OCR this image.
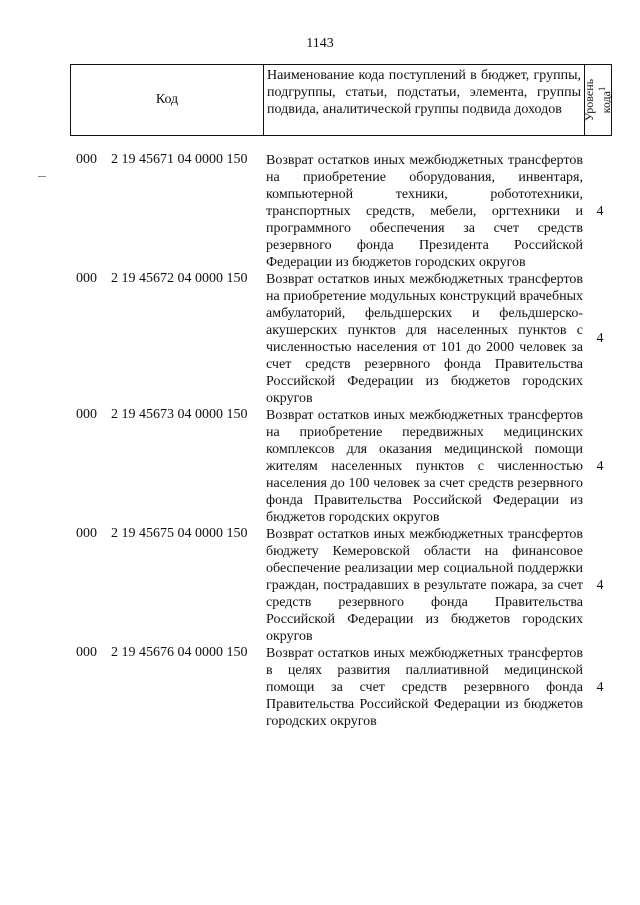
1143
Код
Наименование кода поступлений в бюджет, группы, подгруппы, статьи, подстатьи, элемента, группы подвида, аналитической группы подвида доходов	Уровень кода$^1$
000 2 19 45671 04 0000 150 Возврат остатков иных межбюджетных трансфертов на приобретение оборудования, инвентаря, компьютерной техники, робототехники, транспортных средств, мебели, оргтехники и программного обеспечения за счет средств резервного фонда Президента Российской Федерации из бюджетов городских округов
4
000 2 19 45672 04 0000 150 Возврат остатков иных межбюджетных трансфертов на приобретение модульных конструкций врачебных амбулаторий, фельдшерских и фельдшерско-акушерских пунктов для населенных пунктов с численностью населения от 101 до 2000 человек за счет средств резервного фонда Правительства Российской Федерации из бюджетов городских округов
4
000 2 19 45673 04 0000 150 Возврат остатков иных межбюджетных трансфертов на приобретение передвижных медицинских комплексов для оказания медицинской помощи жителям населенных пунктов с численностью населения до 100 человек за счет средств резервного фонда Правительства Российской Федерации из бюджетов городских округов
4
000 2 19 45675 04 0000 150 Возврат остатков иных межбюджетных трансфертов бюджету Кемеровской области на финансовое обеспечение реализации мер социальной поддержки граждан, пострадавших в результате пожара, за счет средств резервного фонда Правительства Российской Федерации из бюджетов городских округов
4
000 2 19 45676 04 0000 150 Возврат остатков иных межбюджетных трансфертов в целях развития паллиативной медицинской помощи за счет средств резервного фонда Правительства Российской Федерации из бюджетов городских округов
4
